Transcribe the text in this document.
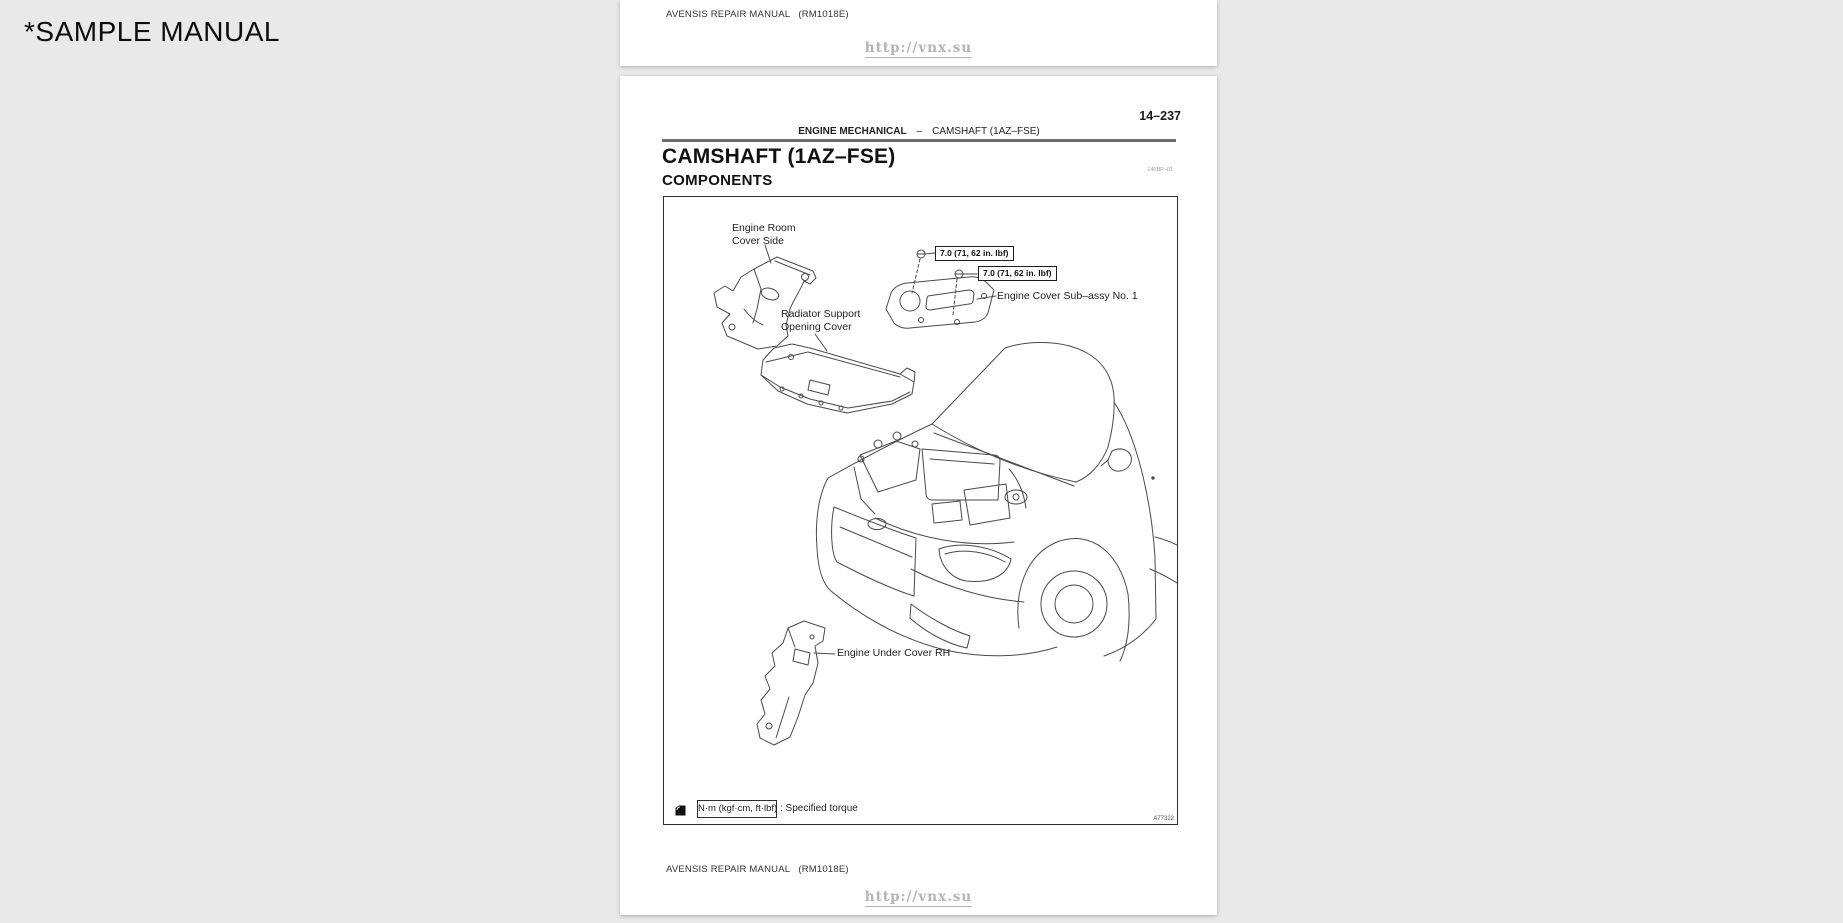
*SAMPLE MANUAL
AVENSIS REPAIR MANUAL   (RM1018E)
http://vnx.su
14–237
ENGINE MECHANICAL – CAMSHAFT (1AZ–FSE)
CAMSHAFT (1AZ–FSE)
COMPONENTS
140BP–01
Engine Room
Cover Side
Radiator Support
Opening Cover
7.0 (71, 62 in. lbf)
7.0 (71, 62 in. lbf)
Engine Cover Sub–assy No. 1
Engine Under Cover RH
N·m (kgf·cm, ft·lbf) : Specified torque
A77322
AVENSIS REPAIR MANUAL   (RM1018E)
http://vnx.su
